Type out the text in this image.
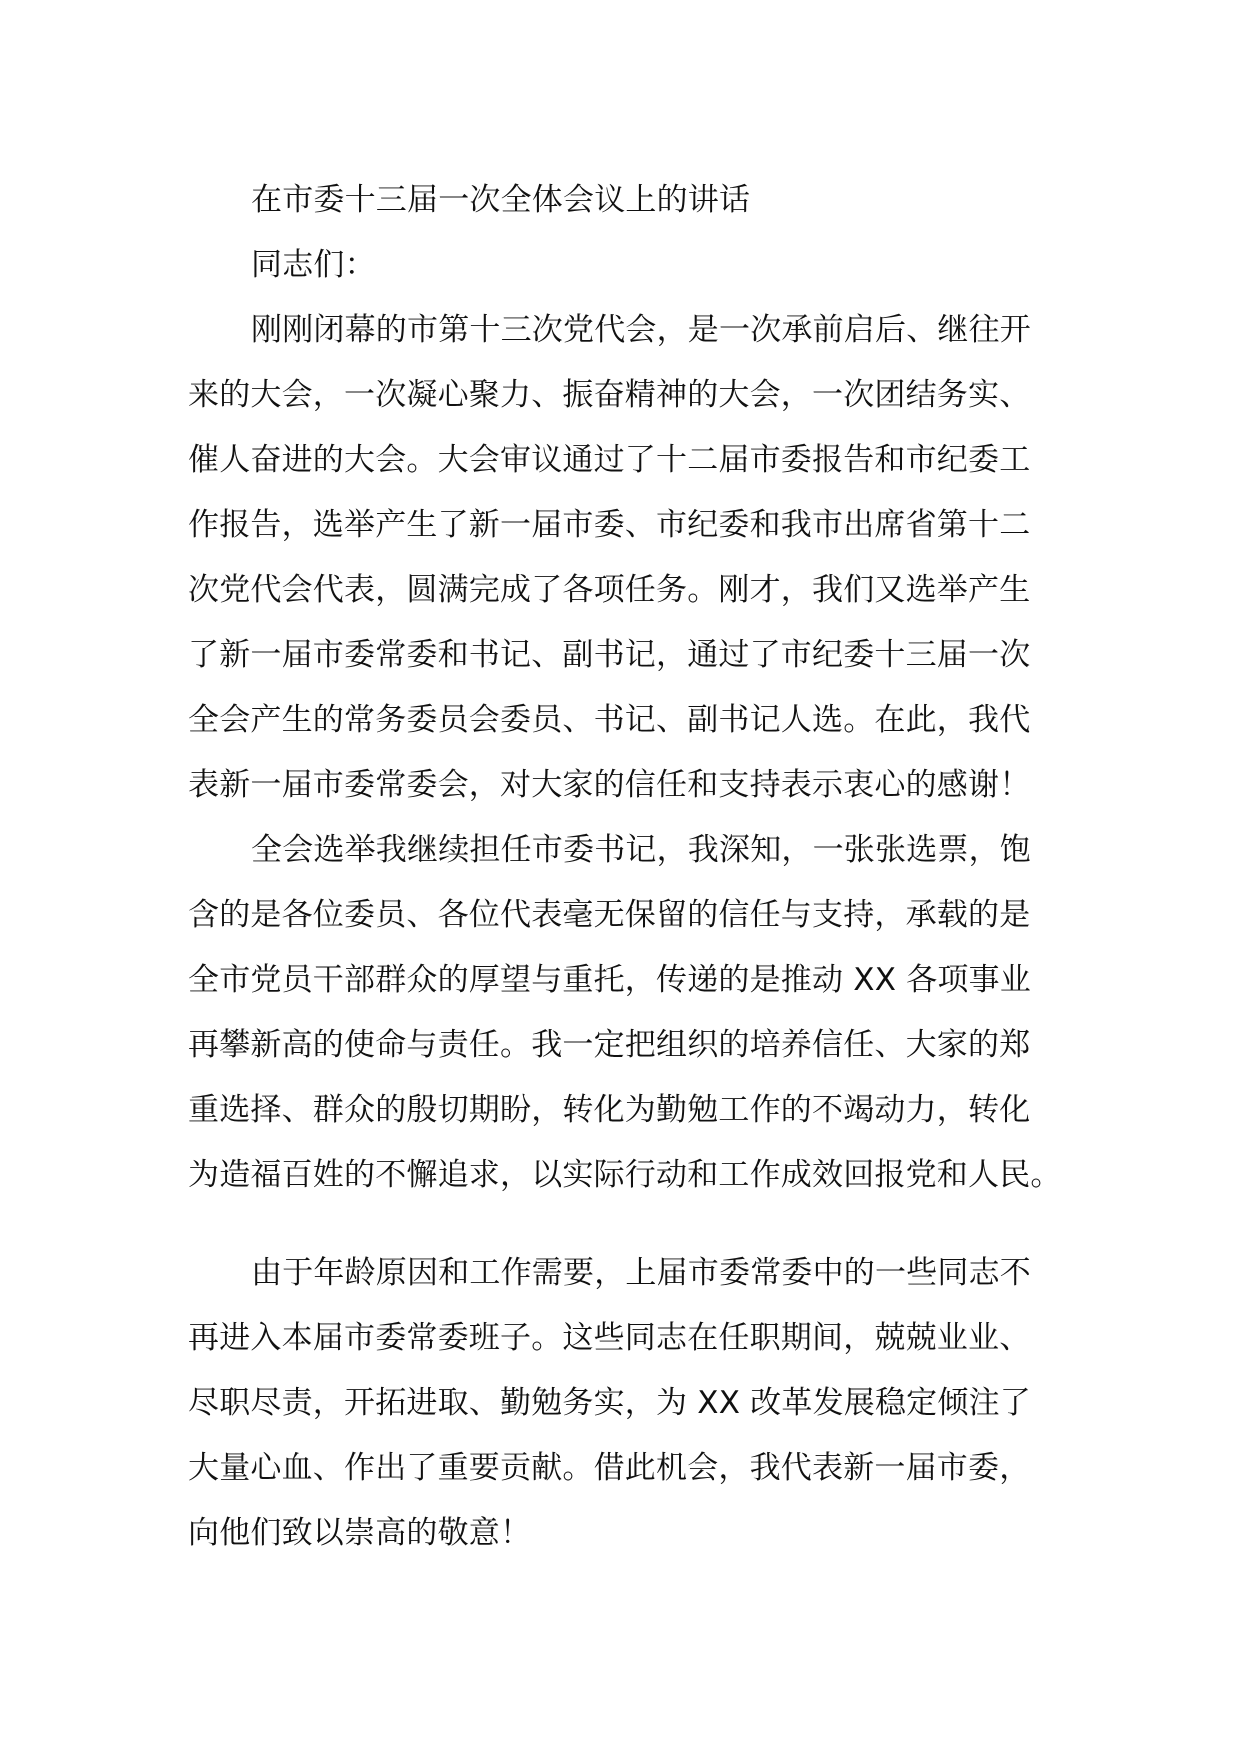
在市委十三届一次全体会议上的讲话
同志们：
刚刚闭幕的市第十三次党代会，是一次承前启后、继往开
来的大会，一次凝心聚力、振奋精神的大会，一次团结务实、
催人奋进的大会。大会审议通过了十二届市委报告和市纪委工
作报告，选举产生了新一届市委、市纪委和我市出席省第十二
次党代会代表，圆满完成了各项任务。刚才，我们又选举产生
了新一届市委常委和书记、副书记，通过了市纪委十三届一次
全会产生的常务委员会委员、书记、副书记人选。在此，我代
表新一届市委常委会，对大家的信任和支持表示衷心的感谢！
全会选举我继续担任市委书记，我深知，一张张选票，饱
含的是各位委员、各位代表毫无保留的信任与支持，承载的是
全市党员干部群众的厚望与重托，传递的是推动 XX 各项事业
再攀新高的使命与责任。我一定把组织的培养信任、大家的郑
重选择、群众的殷切期盼，转化为勤勉工作的不竭动力，转化
为造福百姓的不懈追求，以实际行动和工作成效回报党和人民。
由于年龄原因和工作需要，上届市委常委中的一些同志不
再进入本届市委常委班子。这些同志在任职期间，兢兢业业、
尽职尽责，开拓进取、勤勉务实，为 XX 改革发展稳定倾注了
大量心血、作出了重要贡献。借此机会，我代表新一届市委，
向他们致以崇高的敬意！
